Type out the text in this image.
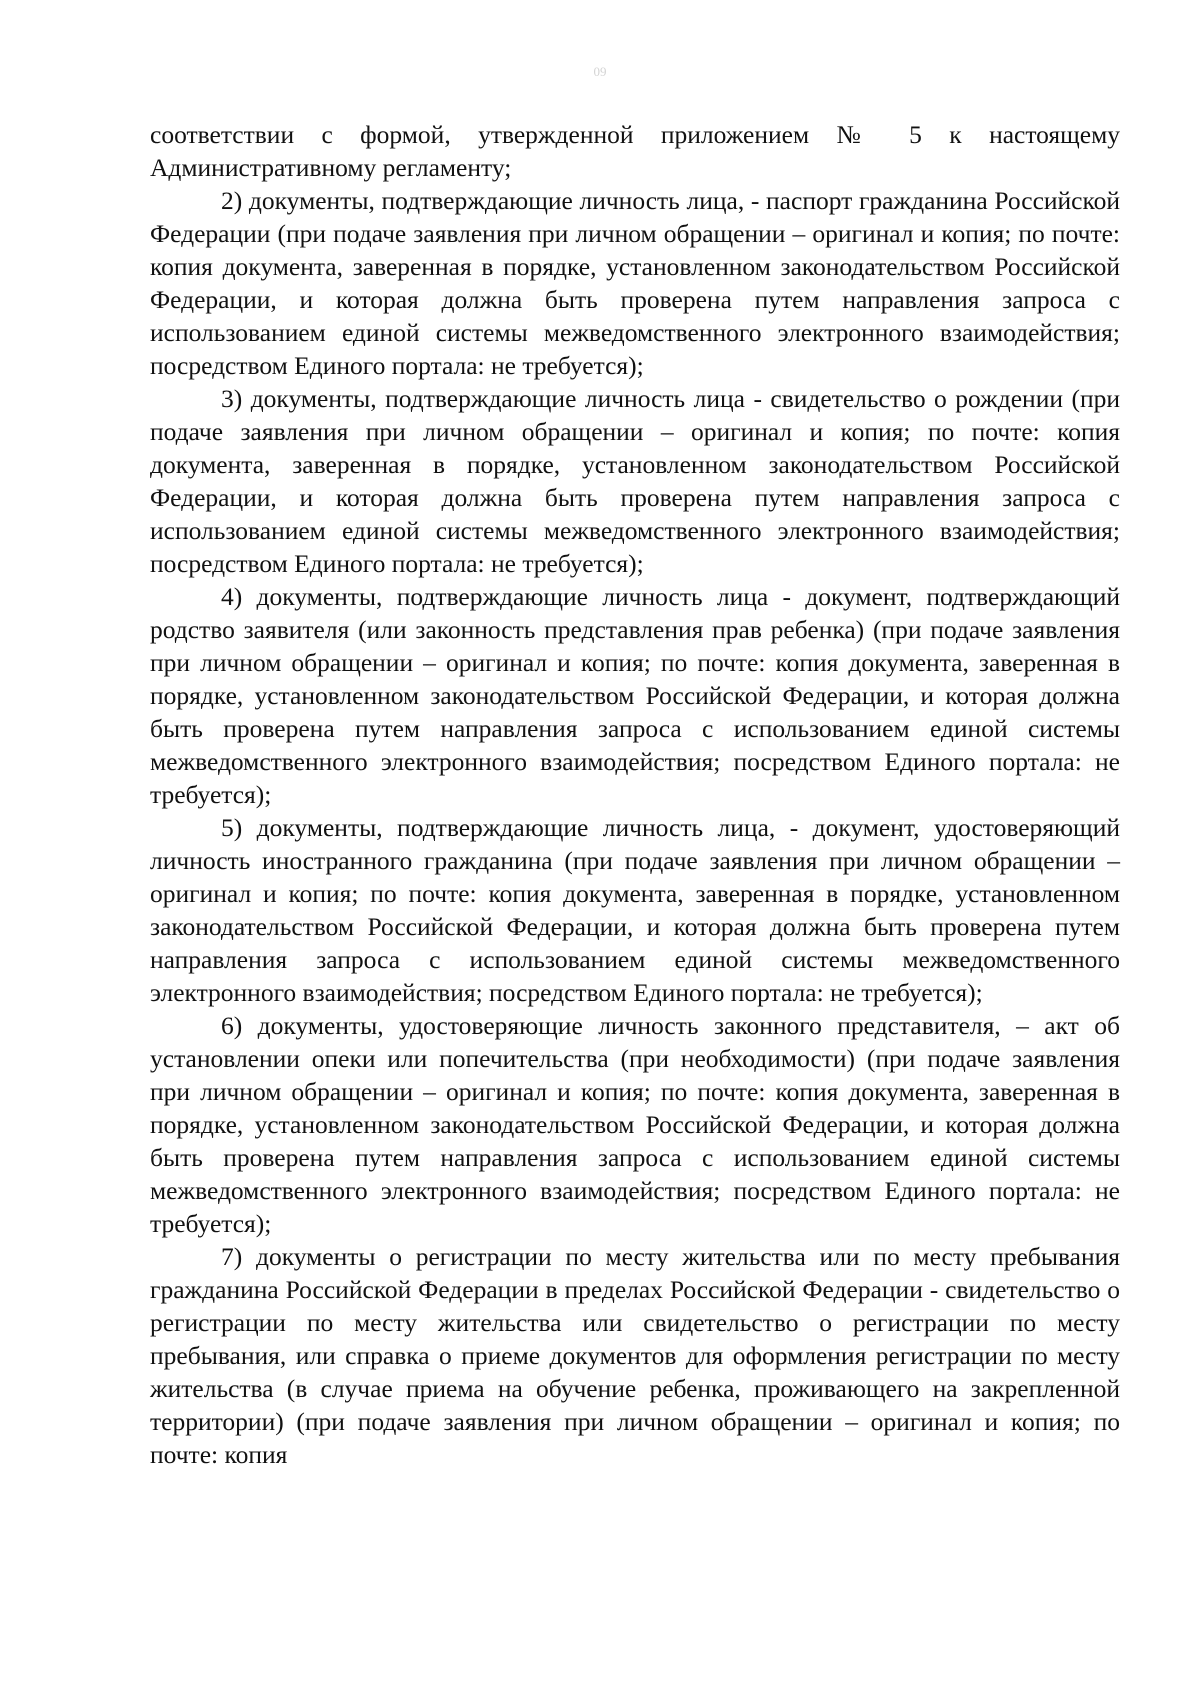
09

соответствии с формой, утвержденной приложением № 5 к настоящему Административному регламенту;

2) документы, подтверждающие личность лица, - паспорт гражданина Российской Федерации (при подаче заявления при личном обращении – оригинал и копия; по почте: копия документа, заверенная в порядке, установленном законодательством Российской Федерации, и которая должна быть проверена путем направления запроса с использованием единой системы межведомственного электронного взаимодействия; посредством Единого портала: не требуется);

3) документы, подтверждающие личность лица - свидетельство о рождении (при подаче заявления при личном обращении – оригинал и копия; по почте: копия документа, заверенная в порядке, установленном законодательством Российской Федерации, и которая должна быть проверена путем направления запроса с использованием единой системы межведомственного электронного взаимодействия; посредством Единого портала: не требуется);

4) документы, подтверждающие личность лица - документ, подтверждающий родство заявителя (или законность представления прав ребенка) (при подаче заявления при личном обращении – оригинал и копия; по почте: копия документа, заверенная в порядке, установленном законодательством Российской Федерации, и которая должна быть проверена путем направления запроса с использованием единой системы межведомственного электронного взаимодействия; посредством Единого портала: не требуется);

5) документы, подтверждающие личность лица, - документ, удостоверяющий личность иностранного гражданина (при подаче заявления при личном обращении – оригинал и копия; по почте: копия документа, заверенная в порядке, установленном законодательством Российской Федерации, и которая должна быть проверена путем направления запроса с использованием единой системы межведомственного электронного взаимодействия; посредством Единого портала: не требуется);

6) документы, удостоверяющие личность законного представителя, – акт об установлении опеки или попечительства (при необходимости) (при подаче заявления при личном обращении – оригинал и копия; по почте: копия документа, заверенная в порядке, установленном законодательством Российской Федерации, и которая должна быть проверена путем направления запроса с использованием единой системы межведомственного электронного взаимодействия; посредством Единого портала: не требуется);

7) документы о регистрации по месту жительства или по месту пребывания гражданина Российской Федерации в пределах Российской Федерации - свидетельство о регистрации по месту жительства или свидетельство о регистрации по месту пребывания, или справка о приеме документов для оформления регистрации по месту жительства (в случае приема на обучение ребенка, проживающего на закрепленной территории) (при подаче заявления при личном обращении – оригинал и копия; по почте: копия
